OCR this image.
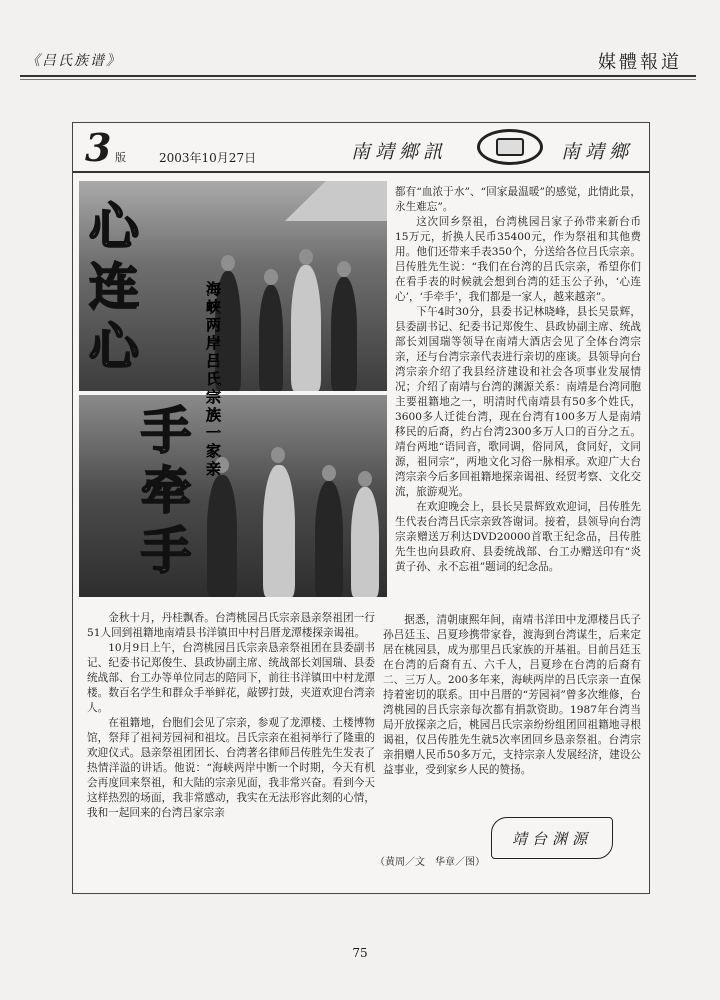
《吕氏族谱》	媒體報道
3 版	2003年10月27日	南靖鄉訊	南靖鄉
心
连
心
手
牵
手
海峡两岸吕氏宗族一家亲

都有“血浓于水”、“回家最温暖”的感觉，此情此景，永生难忘”。

这次回乡祭祖，台湾桃园吕家子孙带来新台币15万元，折换人民币35400元，作为祭祖和其他费用。他们还带来手表350个，分送给各位吕氏宗亲。吕传胜先生说：“我们在台湾的吕氏宗亲，希望你们在看手表的时候就会想到台湾的廷玉公子孙，‘心连心’，‘手牵手’，我们都是一家人，越来越亲”。

下午4时30分，县委书记林晓峰，县长吴景辉，县委副书记、纪委书记郑俊生、县政协副主席、统战部长刘国瑞等领导在南靖大酒店会见了全体台湾宗亲，还与台湾宗亲代表进行亲切的座谈。县领导向台湾宗亲介绍了我县经济建设和社会各项事业发展情况；介绍了南靖与台湾的渊源关系：南靖是台湾同胞主要祖籍地之一，明清时代南靖县有50多个姓氏，3600多人迁徙台湾，现在台湾有100多万人是南靖移民的后裔，约占台湾2300多万人口的百分之五。靖台两地“语同音，歌同调，俗同风，食同好，文同源，祖同宗”，两地文化习俗一脉相承。欢迎广大台湾宗亲今后多回祖籍地探亲谒祖、经贸考察、文化交流，旅游观光。

在欢迎晚会上，县长吴景辉致欢迎词，吕传胜先生代表台湾吕氏宗亲致答谢词。接着，县领导向台湾宗亲赠送万利达DVD20000首歌王纪念品，吕传胜先生也向县政府、县委统战部、台工办赠送印有“炎黄子孙、永不忘祖”题词的纪念品。

金秋十月，丹桂飘香。台湾桃园吕氏宗亲恳亲祭祖团一行51人回到祖籍地南靖县书洋镇田中村吕厝龙潭楼探亲谒祖。

10月9日上午，台湾桃园吕氏宗亲恳亲祭祖团在县委副书记、纪委书记郑俊生、县政协副主席、统战部长刘国瑞、县委统战部、台工办等单位同志的陪同下，前往书洋镇田中村龙潭楼。数百名学生和群众手举鲜花，敲锣打鼓，夹道欢迎台湾亲人。

在祖籍地，台胞们会见了宗亲，参观了龙潭楼、土楼博物馆，祭拜了祖祠芳园祠和祖坟。吕氏宗亲在祖祠举行了隆重的欢迎仪式。恳亲祭祖团团长、台湾著名律师吕传胜先生发表了热情洋溢的讲话。他说：“海峡两岸中断一个时期，今天有机会再度回来祭祖，和大陆的宗亲见面，我非常兴奋。看到今天这样热烈的场面，我非常感动，我实在无法形容此刻的心情，我和一起回来的台湾吕家宗亲

据悉，清朝康熙年间，南靖书洋田中龙潭楼吕氏子孙吕廷玉、吕夏珍携带家眷，渡海到台湾谋生，后来定居在桃园县，成为那里吕氏家族的开基祖。目前吕廷玉在台湾的后裔有五、六千人，吕夏珍在台湾的后裔有二、三万人。200多年来，海峡两岸的吕氏宗亲一直保持着密切的联系。田中吕厝的“芳园祠”曾多次维修，台湾桃园的吕氏宗亲每次都有捐款资助。1987年台湾当局开放探亲之后，桃园吕氏宗亲纷纷组团回祖籍地寻根谒祖，仅吕传胜先生就5次率团回乡恳亲祭祖。台湾宗亲捐赠人民币50多万元，支持宗亲人发展经济，建设公益事业，受到家乡人民的赞扬。

靖台渊源
（黄周／文　华章／图）
75
